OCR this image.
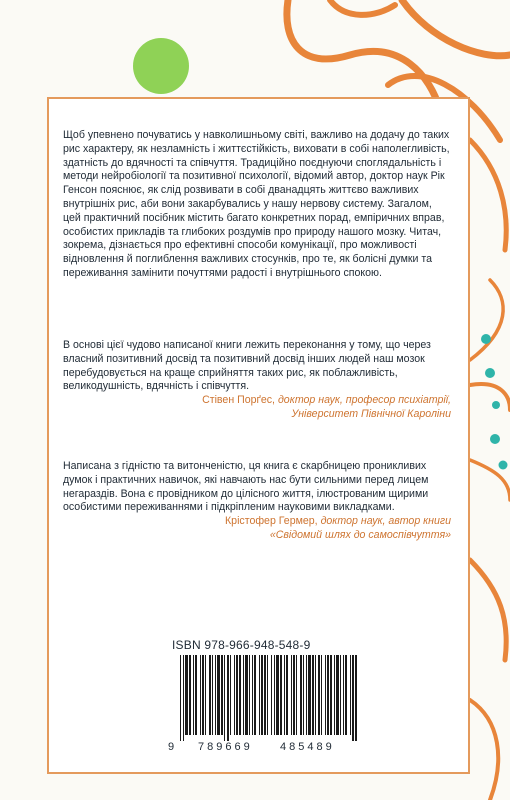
Щоб упевнено почуватись у навколишньому світі, важливо на додачу до таких рис характеру, як незламність і життєстійкість, виховати в собі наполегливість, здатність до вдячності та співчуття. Традиційно поєднуючи споглядальність і методи нейробіології та позитивної психології, відомий автор, доктор наук Рік Генсон пояснює, як слід розвивати в собі дванадцять життєво важливих внутрішніх рис, аби вони закарбувались у нашу нервову систему. Загалом, цей практичний посібник містить багато конкретних порад, емпіричних вправ, особистих прикладів та глибоких роздумів про природу нашого мозку. Читач, зокрема, дізнається про ефективні способи комунікації, про можливості відновлення й поглиблення важливих стосунків, про те, як болісні думки та переживання замінити почуттями радості і внутрішнього спокою.

В основі цієї чудово написаної книги лежить переконання у тому, що через власний позитивний досвід та позитивний досвід інших людей наш мозок перебудовується на краще сприйняття таких рис, як поблажливість, великодушність, вдячність і співчуття.

Стівен Порґес, доктор наук, професор психіатрії,
Університет Північної Кароліни

Написана з гідністю та витонченістю, ця книга є скарбницею проникливих думок і практичних навичок, які навчають нас бути сильними перед лицем негараздів. Вона є провідником до цілісного життя, ілюстрованим щирими особистими переживаннями і підкріпленим науковими викладками.

Крістофер Гермер, доктор наук, автор книги
«Свідомий шлях до самоспівчуття»

ISBN 978-966-948-548-9
9 789669 485489
